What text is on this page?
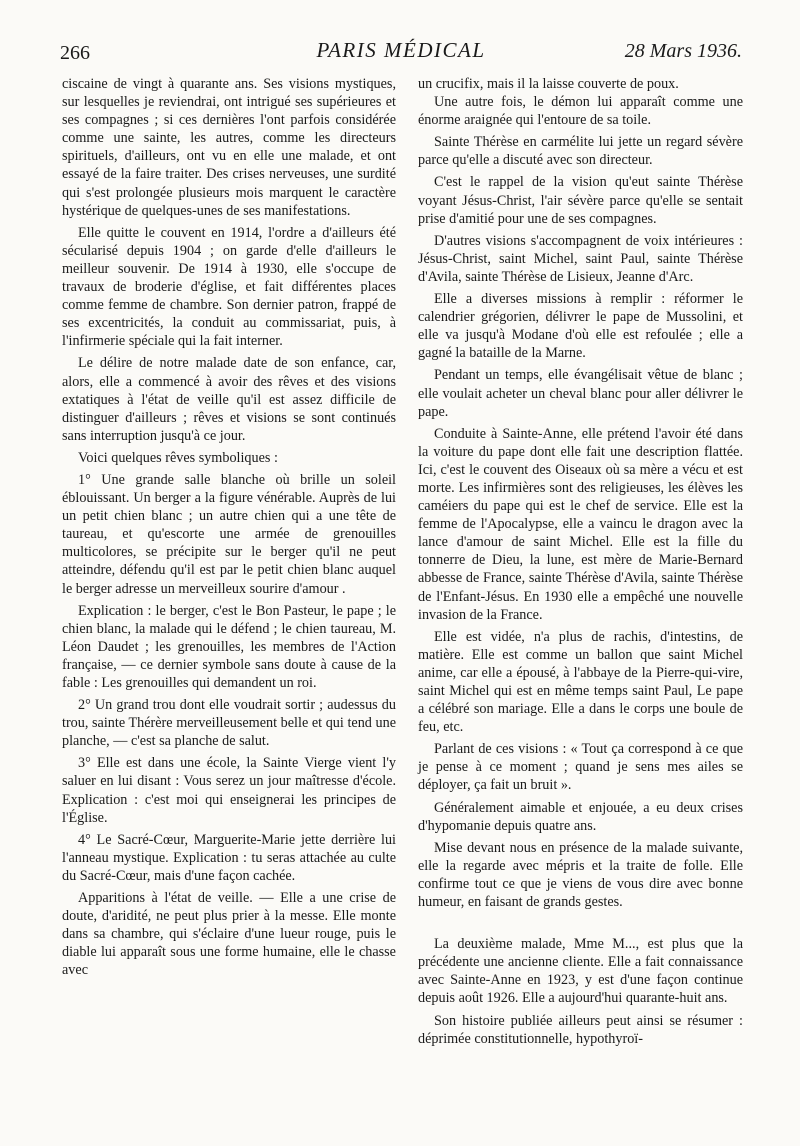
266	PARIS MÉDICAL	28 Mars 1936.

ciscaine de vingt à quarante ans. Ses visions mystiques, sur lesquelles je reviendrai, ont intrigué ses supérieures et ses compagnes ; si ces dernières l'ont parfois considérée comme une sainte, les autres, comme les directeurs spirituels, d'ailleurs, ont vu en elle une malade, et ont essayé de la faire traiter. Des crises nerveuses, une surdité qui s'est prolongée plusieurs mois marquent le caractère hystérique de quelques-unes de ses manifestations.

Elle quitte le couvent en 1914, l'ordre a d'ailleurs été sécularisé depuis 1904 ; on garde d'elle d'ailleurs le meilleur souvenir. De 1914 à 1930, elle s'occupe de travaux de broderie d'église, et fait différentes places comme femme de chambre. Son dernier patron, frappé de ses excentricités, la conduit au commissariat, puis, à l'infirmerie spéciale qui la fait interner.

Le délire de notre malade date de son enfance, car, alors, elle a commencé à avoir des rêves et des visions extatiques à l'état de veille qu'il est assez difficile de distinguer d'ailleurs ; rêves et visions se sont continués sans interruption jusqu'à ce jour.

Voici quelques rêves symboliques :

1° Une grande salle blanche où brille un soleil éblouissant. Un berger a la figure vénérable. Auprès de lui un petit chien blanc ; un autre chien qui a une tête de taureau, et qu'escorte une armée de grenouilles multicolores, se précipite sur le berger qu'il ne peut atteindre, défendu qu'il est par le petit chien blanc auquel le berger adresse un merveilleux sourire d'amour .

Explication : le berger, c'est le Bon Pasteur, le pape ; le chien blanc, la malade qui le défend ; le chien taureau, M. Léon Daudet ; les grenouilles, les membres de l'Action française, — ce dernier symbole sans doute à cause de la fable : Les grenouilles qui demandent un roi.

2° Un grand trou dont elle voudrait sortir ; audessus du trou, sainte Thérère merveilleusement belle et qui tend une planche, — c'est sa planche de salut.

3° Elle est dans une école, la Sainte Vierge vient l'y saluer en lui disant : Vous serez un jour maîtresse d'école. Explication : c'est moi qui enseignerai les principes de l'Église.

4° Le Sacré-Cœur, Marguerite-Marie jette derrière lui l'anneau mystique. Explication : tu seras attachée au culte du Sacré-Cœur, mais d'une façon cachée.

Apparitions à l'état de veille. — Elle a une crise de doute, d'aridité, ne peut plus prier à la messe. Elle monte dans sa chambre, qui s'éclaire d'une lueur rouge, puis le diable lui apparaît sous une forme humaine, elle le chasse avec

un crucifix, mais il la laisse couverte de poux.

Une autre fois, le démon lui apparaît comme une énorme araignée qui l'entoure de sa toile.

Sainte Thérèse en carmélite lui jette un regard sévère parce qu'elle a discuté avec son directeur.

C'est le rappel de la vision qu'eut sainte Thérèse voyant Jésus-Christ, l'air sévère parce qu'elle se sentait prise d'amitié pour une de ses compagnes.

D'autres visions s'accompagnent de voix intérieures : Jésus-Christ, saint Michel, saint Paul, sainte Thérèse d'Avila, sainte Thérèse de Lisieux, Jeanne d'Arc.

Elle a diverses missions à remplir : réformer le calendrier grégorien, délivrer le pape de Mussolini, et elle va jusqu'à Modane d'où elle est refoulée ; elle a gagné la bataille de la Marne.

Pendant un temps, elle évangélisait vêtue de blanc ; elle voulait acheter un cheval blanc pour aller délivrer le pape.

Conduite à Sainte-Anne, elle prétend l'avoir été dans la voiture du pape dont elle fait une description flattée. Ici, c'est le couvent des Oiseaux où sa mère a vécu et est morte. Les infirmières sont des religieuses, les élèves les caméiers du pape qui est le chef de service. Elle est la femme de l'Apocalypse, elle a vaincu le dragon avec la lance d'amour de saint Michel. Elle est la fille du tonnerre de Dieu, la lune, est mère de Marie-Bernard abbesse de France, sainte Thérèse d'Avila, sainte Thérèse de l'Enfant-Jésus. En 1930 elle a empêché une nouvelle invasion de la France.

Elle est vidée, n'a plus de rachis, d'intestins, de matière. Elle est comme un ballon que saint Michel anime, car elle a épousé, à l'abbaye de la Pierre-qui-vire, saint Michel qui est en même temps saint Paul, Le pape a célébré son mariage. Elle a dans le corps une boule de feu, etc.

Parlant de ces visions : « Tout ça correspond à ce que je pense à ce moment ; quand je sens mes ailes se déployer, ça fait un bruit ».

Généralement aimable et enjouée, a eu deux crises d'hypomanie depuis quatre ans.

Mise devant nous en présence de la malade suivante, elle la regarde avec mépris et la traite de folle. Elle confirme tout ce que je viens de vous dire avec bonne humeur, en faisant de grands gestes.

La deuxième malade, Mme M..., est plus que la précédente une ancienne cliente. Elle a fait connaissance avec Sainte-Anne en 1923, y est d'une façon continue depuis août 1926. Elle a aujourd'hui quarante-huit ans.

Son histoire publiée ailleurs peut ainsi se résumer : déprimée constitutionnelle, hypothyroï-
